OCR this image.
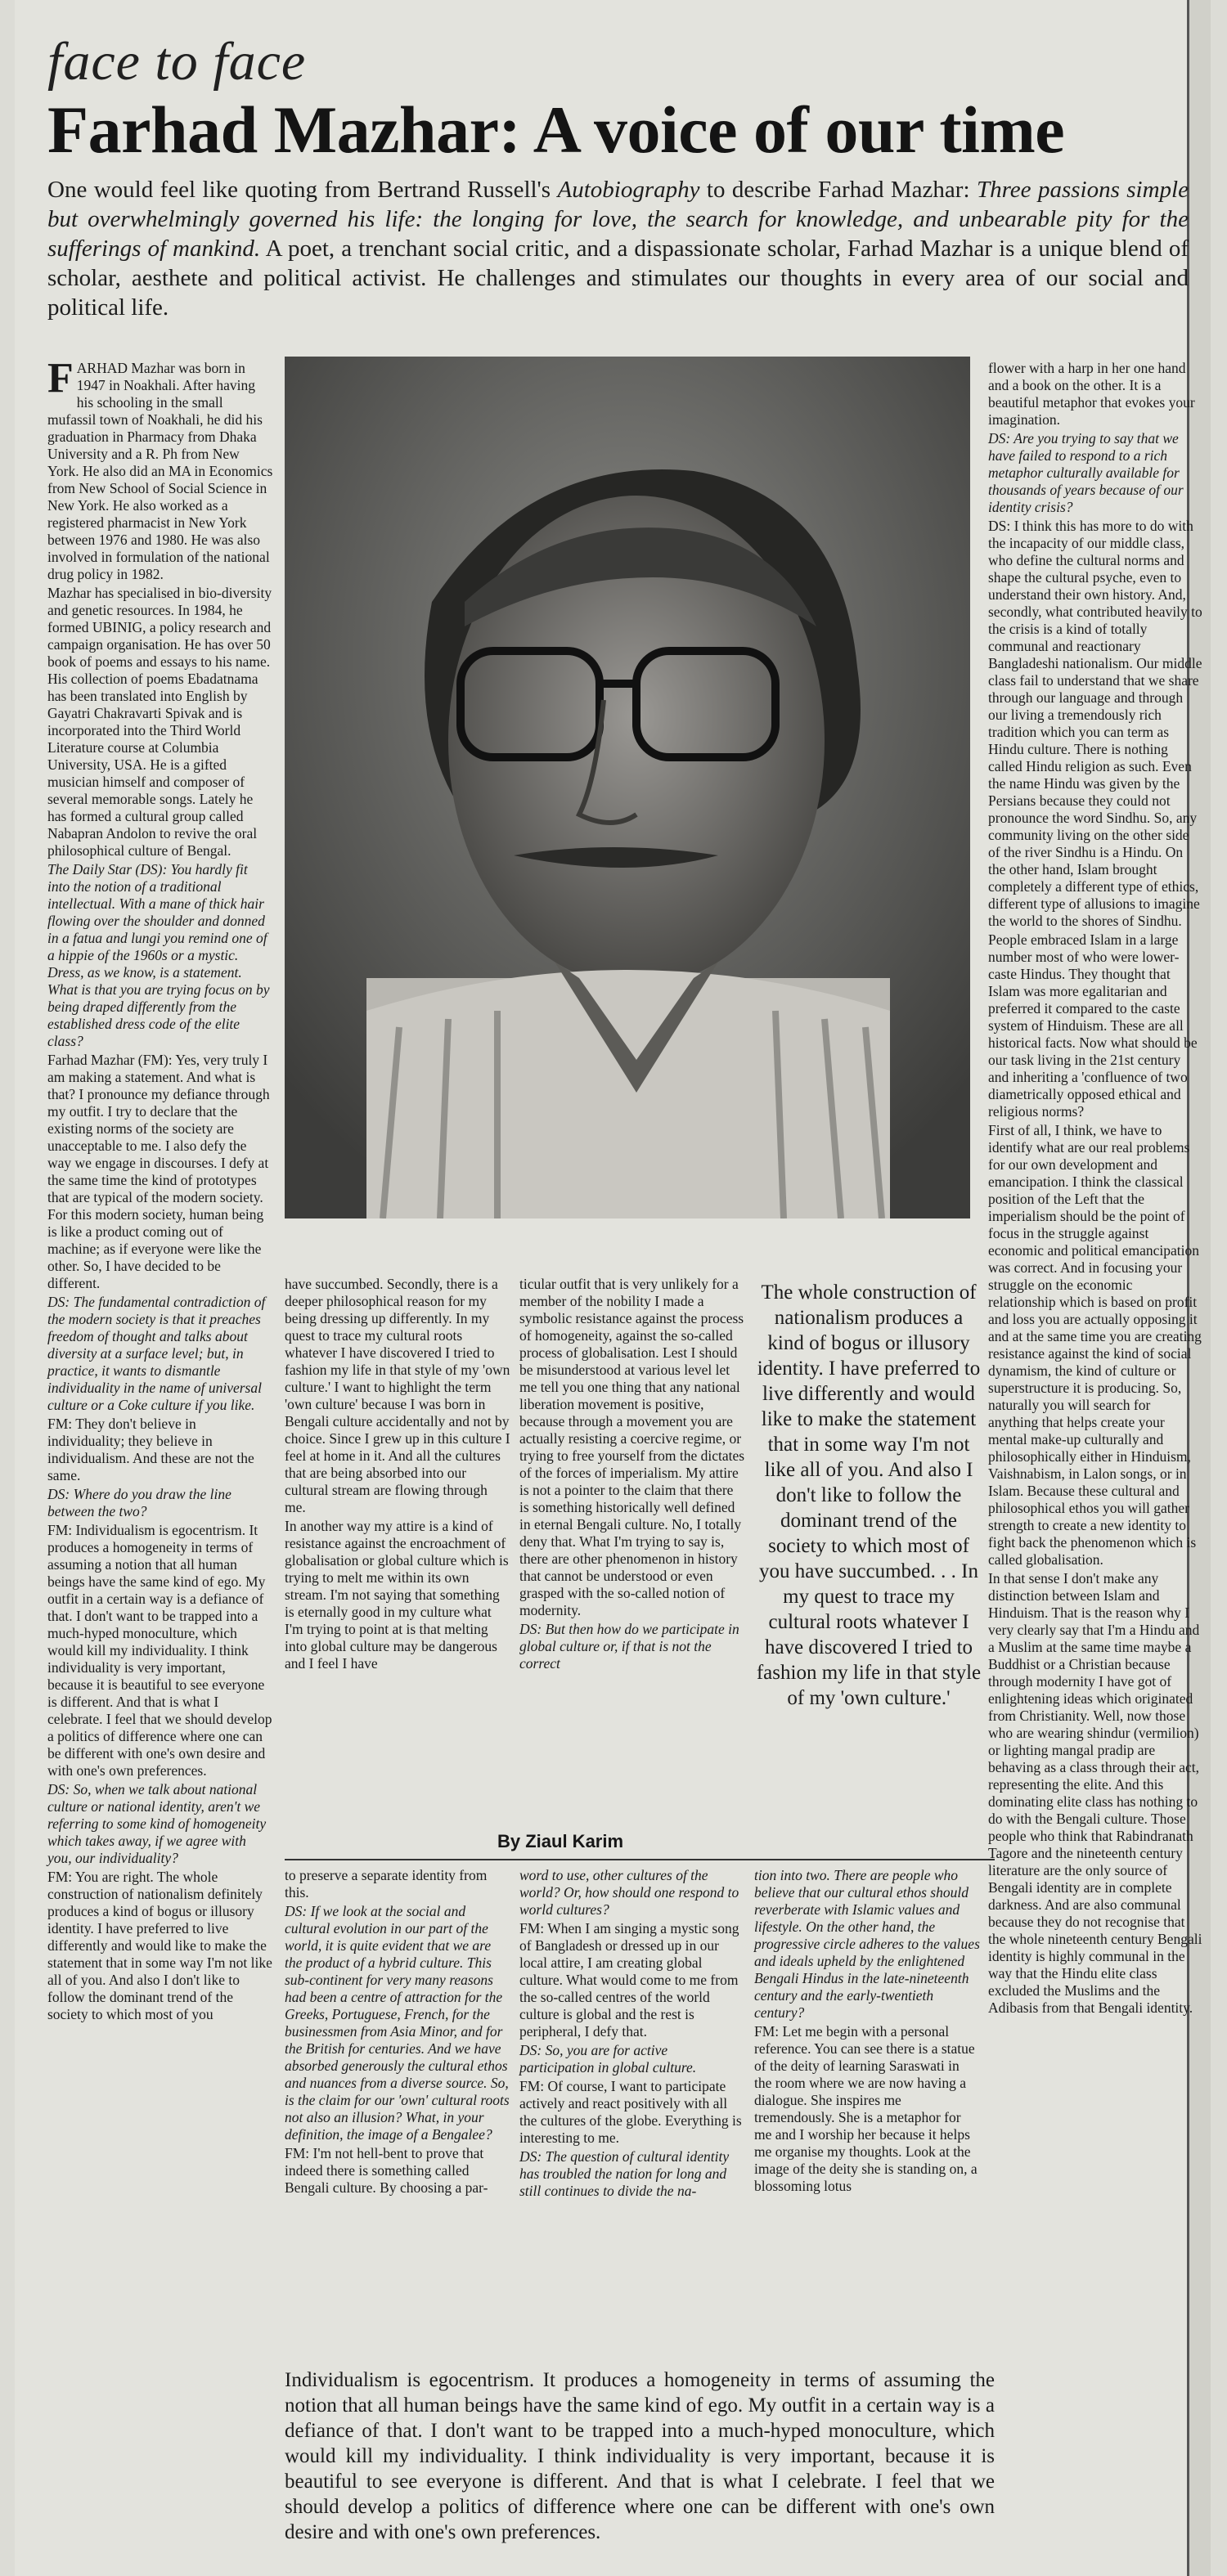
face to face
Farhad Mazhar: A voice of our time
One would feel like quoting from Bertrand Russell's Autobiography to describe Farhad Mazhar: Three passions simple but overwhelmingly governed his life: the longing for love, the search for knowledge, and unbearable pity for the sufferings of mankind. A poet, a trenchant social critic, and a dispassionate scholar, Farhad Mazhar is a unique blend of scholar, aesthete and political activist. He challenges and stimulates our thoughts in every area of our social and political life.

FARHAD Mazhar was born in 1947 in Noakhali. After having his schooling in the small mufassil town of Noakhali, he did his graduation in Pharmacy from Dhaka University and a R. Ph from New York. He also did an MA in Economics from New School of Social Science in New York. He also worked as a registered pharmacist in New York between 1976 and 1980. He was also involved in formulation of the national drug policy in 1982.

Mazhar has specialised in bio-diversity and genetic resources. In 1984, he formed UBINIG, a policy research and campaign organisation. He has over 50 book of poems and essays to his name. His collection of poems Ebadatnama has been translated into English by Gayatri Chakravarti Spivak and is incorporated into the Third World Literature course at Columbia University, USA. He is a gifted musician himself and composer of several memorable songs. Lately he has formed a cultural group called Nabapran Andolon to revive the oral philosophical culture of Bengal.

The Daily Star (DS): You hardly fit into the notion of a traditional intellectual. With a mane of thick hair flowing over the shoulder and donned in a fatua and lungi you remind one of a hippie of the 1960s or a mystic. Dress, as we know, is a statement. What is that you are trying focus on by being draped differently from the established dress code of the elite class?

Farhad Mazhar (FM): Yes, very truly I am making a statement. And what is that? I pronounce my defiance through my outfit. I try to declare that the existing norms of the society are unacceptable to me. I also defy the way we engage in discourses. I defy at the same time the kind of prototypes that are typical of the modern society. For this modern society, human being is like a product coming out of machine; as if everyone were like the other. So, I have decided to be different.

DS: The fundamental contradiction of the modern society is that it preaches freedom of thought and talks about diversity at a surface level; but, in practice, it wants to dismantle individuality in the name of universal culture or a Coke culture if you like.

FM: They don't believe in individuality; they believe in individualism. And these are not the same.

DS: Where do you draw the line between the two?

FM: Individualism is egocentrism. It produces a homogeneity in terms of assuming a notion that all human beings have the same kind of ego. My outfit in a certain way is a defiance of that. I don't want to be trapped into a much-hyped monoculture, which would kill my individuality. I think individuality is very important, because it is beautiful to see everyone is different. And that is what I celebrate. I feel that we should develop a politics of difference where one can be different with one's own desire and with one's own preferences.

DS: So, when we talk about national culture or national identity, aren't we referring to some kind of homogeneity which takes away, if we agree with you, our individuality?

FM: You are right. The whole construction of nationalism definitely produces a kind of bogus or illusory identity. I have preferred to live differently and would like to make the statement that in some way I'm not like all of you. And also I don't like to follow the dominant trend of the society to which most of you

have succumbed. Secondly, there is a deeper philosophical reason for my being dressing up differently. In my quest to trace my cultural roots whatever I have discovered I tried to fashion my life in that style of my 'own culture.' I want to highlight the term 'own culture' because I was born in Bengali culture accidentally and not by choice. Since I grew up in this culture I feel at home in it. And all the cultures that are being absorbed into our cultural stream are flowing through me.

In another way my attire is a kind of resistance against the encroachment of globalisation or global culture which is trying to melt me within its own stream. I'm not saying that something is eternally good in my culture what I'm trying to point at is that melting into global culture may be dangerous and I feel I have

ticular outfit that is very unlikely for a member of the nobility I made a symbolic resistance against the process of homogeneity, against the so-called process of globalisation. Lest I should be misunderstood at various level let me tell you one thing that any national liberation movement is positive, because through a movement you are actually resisting a coercive regime, or trying to free yourself from the dictates of the forces of imperialism. My attire is not a pointer to the claim that there is something historically well defined in eternal Bengali culture. No, I totally deny that. What I'm trying to say is, there are other phenomenon in history that cannot be understood or even grasped with the so-called notion of modernity.

DS: But then how do we participate in global culture or, if that is not the correct

The whole construction of nationalism produces a kind of bogus or illusory identity. I have preferred to live differently and would like to make the statement that in some way I'm not like all of you. And also I don't like to follow the dominant trend of the society to which most of you have succumbed. . . In my quest to trace my cultural roots whatever I have discovered I tried to fashion my life in that style of my 'own culture.'
By Ziaul Karim

to preserve a separate identity from this.

DS: If we look at the social and cultural evolution in our part of the world, it is quite evident that we are the product of a hybrid culture. This sub-continent for very many reasons had been a centre of attraction for the Greeks, Portuguese, French, for the businessmen from Asia Minor, and for the British for centuries. And we have absorbed generously the cultural ethos and nuances from a diverse source. So, is the claim for our 'own' cultural roots not also an illusion? What, in your definition, the image of a Bengalee?

FM: I'm not hell-bent to prove that indeed there is something called Bengali culture. By choosing a par-

word to use, other cultures of the world? Or, how should one respond to world cultures?

FM: When I am singing a mystic song of Bangladesh or dressed up in our local attire, I am creating global culture. What would come to me from the so-called centres of the world culture is global and the rest is peripheral, I defy that.

DS: So, you are for active participation in global culture.

FM: Of course, I want to participate actively and react positively with all the cultures of the globe. Everything is interesting to me.

DS: The question of cultural identity has troubled the nation for long and still continues to divide the na-

tion into two. There are people who believe that our cultural ethos should reverberate with Islamic values and lifestyle. On the other hand, the progressive circle adheres to the values and ideals upheld by the enlightened Bengali Hindus in the late-nineteenth century and the early-twentieth century?

FM: Let me begin with a personal reference. You can see there is a statue of the deity of learning Saraswati in the room where we are now having a dialogue. She inspires me tremendously. She is a metaphor for me and I worship her because it helps me organise my thoughts. Look at the image of the deity she is standing on, a blossoming lotus

Individualism is egocentrism. It produces a homogeneity in terms of assuming the notion that all human beings have the same kind of ego. My outfit in a certain way is a defiance of that. I don't want to be trapped into a much-hyped monoculture, which would kill my individuality. I think individuality is very important, because it is beautiful to see everyone is different. And that is what I celebrate. I feel that we should develop a politics of difference where one can be different with one's own desire and with one's own preferences.

flower with a harp in her one hand and a book on the other. It is a beautiful metaphor that evokes your imagination.

DS: Are you trying to say that we have failed to respond to a rich metaphor culturally available for thousands of years because of our identity crisis?

DS: I think this has more to do with the incapacity of our middle class, who define the cultural norms and shape the cultural psyche, even to understand their own history. And, secondly, what contributed heavily to the crisis is a kind of totally communal and reactionary Bangladeshi nationalism. Our middle class fail to understand that we share through our language and through our living a tremendously rich tradition which you can term as Hindu culture. There is nothing called Hindu religion as such. Even the name Hindu was given by the Persians because they could not pronounce the word Sindhu. So, any community living on the other side of the river Sindhu is a Hindu. On the other hand, Islam brought completely a different type of ethics, different type of allusions to imagine the world to the shores of Sindhu.

People embraced Islam in a large number most of who were lower-caste Hindus. They thought that Islam was more egalitarian and preferred it compared to the caste system of Hinduism. These are all historical facts. Now what should be our task living in the 21st century and inheriting a 'confluence of two diametrically opposed ethical and religious norms?

First of all, I think, we have to identify what are our real problems for our own development and emancipation. I think the classical position of the Left that the imperialism should be the point of focus in the struggle against economic and political emancipation was correct. And in focusing your struggle on the economic relationship which is based on profit and loss you are actually opposing it and at the same time you are creating resistance against the kind of social dynamism, the kind of culture or superstructure it is producing. So, naturally you will search for anything that helps create your mental make-up culturally and philosophically either in Hinduism, Vaishnabism, in Lalon songs, or in Islam. Because these cultural and philosophical ethos you will gather strength to create a new identity to fight back the phenomenon which is called globalisation.

In that sense I don't make any distinction between Islam and Hinduism. That is the reason why I very clearly say that I'm a Hindu and a Muslim at the same time maybe a Buddhist or a Christian because through modernity I have got of enlightening ideas which originated from Christianity. Well, now those who are wearing shindur (vermilion) or lighting mangal pradip are behaving as a class through their act, representing the elite. And this dominating elite class has nothing to do with the Bengali culture. Those people who think that Rabindranath Tagore and the nineteenth century literature are the only source of Bengali identity are in complete darkness. And are also communal because they do not recognise that the whole nineteenth century Bengali identity is highly communal in the way that the Hindu elite class excluded the Muslims and the Adibasis from that Bengali identity.
